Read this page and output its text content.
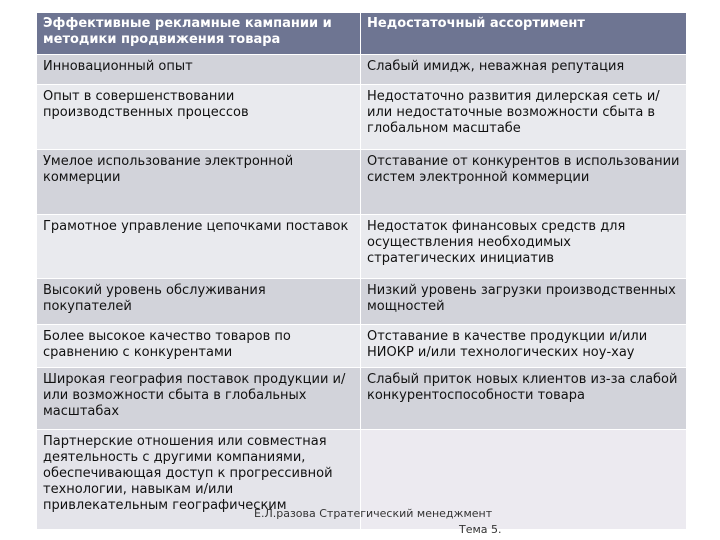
Эффективные рекламные кампании и методики продвижения товара	Недостаточный ассортимент
Инновационный опыт	Слабый имидж, неважная репутация
Опыт в совершенствовании производственных процессов	Недостаточно развития дилерская сеть и/или недостаточные возможности сбыта в глобальном масштабе
Умелое использование электронной коммерции	Отставание от конкурентов в использовании систем электронной коммерции
Грамотное управление цепочками поставок	Недостаток финансовых средств для осуществления необходимых стратегических инициатив
Высокий уровень обслуживания покупателей	Низкий уровень загрузки производственных мощностей
Более высокое качество товаров по сравнению с конкурентами	Отставание в качестве продукции и/или НИОКР и/или технологических ноу-хау
Широкая география поставок продукции и/или возможности сбыта в глобальных масштабах	Слабый приток новых клиентов из-за слабой конкурентоспособности товара
Партнерские отношения или совместная деятельность с другими компаниями, обеспечивающая доступ к прогрессивной технологии, навыкам и/или привлекательным географическим	
Е.Л.разова Стратегический менеджмент
Тема 5.
